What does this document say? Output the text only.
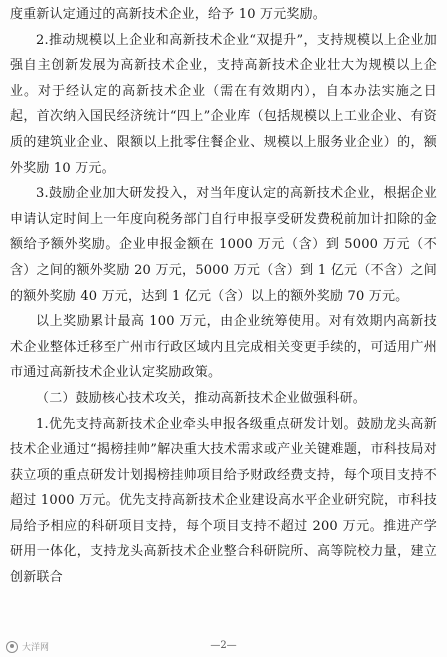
度重新认定通过的高新技术企业，给予 10 万元奖励。

2.推动规模以上企业和高新技术企业“双提升”，支持规模以上企业加强自主创新发展为高新技术企业，支持高新技术企业壮大为规模以上企业。对于经认定的高新技术企业（需在有效期内），自本办法实施之日起，首次纳入国民经济统计“四上”企业库（包括规模以上工业企业、有资质的建筑业企业、限额以上批零住餐企业、规模以上服务业企业）的，额外奖励 10 万元。

3.鼓励企业加大研发投入，对当年度认定的高新技术企业，根据企业申请认定时间上一年度向税务部门自行申报享受研发费税前加计扣除的金额给予额外奖励。企业申报金额在 1000 万元（含）到 5000 万元（不含）之间的额外奖励 20 万元，5000 万元（含）到 1 亿元（不含）之间的额外奖励 40 万元，达到 1 亿元（含）以上的额外奖励 70 万元。

以上奖励累计最高 100 万元，由企业统筹使用。对有效期内高新技术企业整体迁移至广州市行政区域内且完成相关变更手续的，可适用广州市通过高新技术企业认定奖励政策。

（二）鼓励核心技术攻关，推动高新技术企业做强科研。

1.优先支持高新技术企业牵头申报各级重点研发计划。鼓励龙头高新技术企业通过“揭榜挂帅”解决重大技术需求或产业关键难题，市科技局对获立项的重点研发计划揭榜挂帅项目给予财政经费支持，每个项目支持不超过 1000 万元。优先支持高新技术企业建设高水平企业研究院，市科技局给予相应的科研项目支持，每个项目支持不超过 200 万元。推进产学研用一体化，支持龙头高新技术企业整合科研院所、高等院校力量，建立创新联合

—2—
大洋网
